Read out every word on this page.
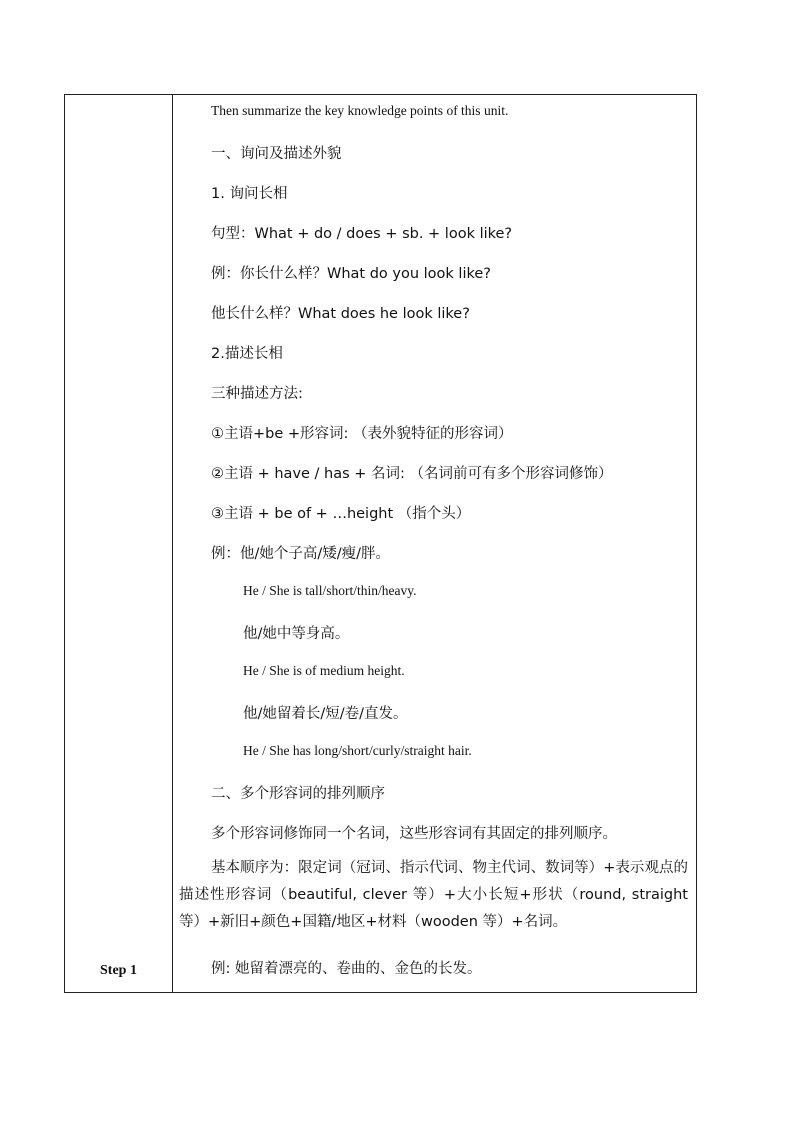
Step 1
Then summarize the key knowledge points of this unit.
一、询问及描述外貌
1. 询问长相
句型：What + do / does + sb. + look like?
例：你长什么样？What do you look like?
他长什么样？What does he look like?
2.描述长相
三种描述方法:
①主语+be +形容词: （表外貌特征的形容词）
②主语 + have / has + 名词: （名词前可有多个形容词修饰）
③主语 + be of + …height （指个头）
例：他/她个子高/矮/瘦/胖。
He / She is tall/short/thin/heavy.
他/她中等身高。
He / She is of medium height.
他/她留着长/短/卷/直发。
He / She has long/short/curly/straight hair.
二、多个形容词的排列顺序
多个形容词修饰同一个名词，这些形容词有其固定的排列顺序。
基本顺序为：限定词（冠词、指示代词、物主代词、数词等）+表示观点的描述性形容词（beautiful, clever 等）+大小长短+形状（round, straight 等）+新旧+颜色+国籍/地区+材料（wooden 等）+名词。
例: 她留着漂亮的、卷曲的、金色的长发。
